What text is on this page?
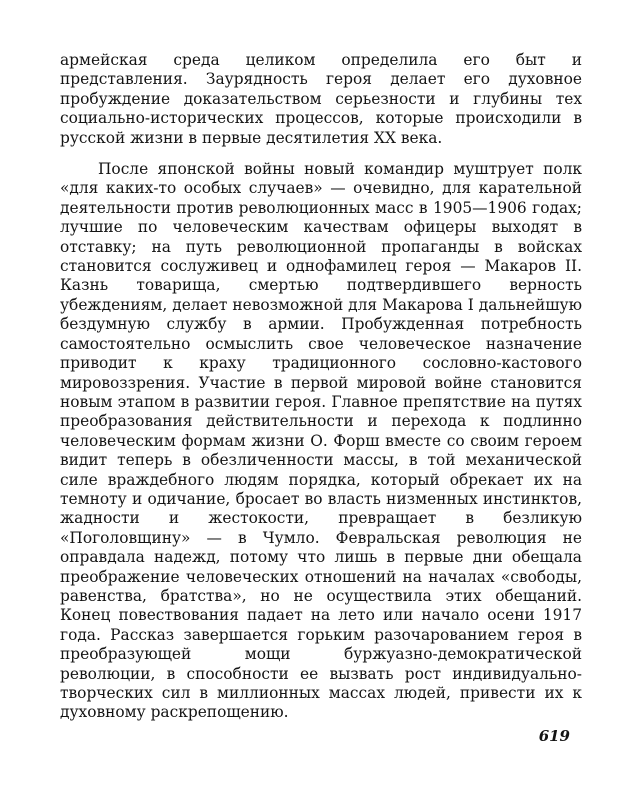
армейская среда целиком определила его быт и представления. Заурядность героя делает его духовное пробуждение доказательством серьезности и глубины тех социально-исторических процессов, которые происходили в русской жизни в первые десятилетия XX века.

После японской войны новый командир муштрует полк «для каких-то особых случаев» — очевидно, для карательной деятельности против революционных масс в 1905—1906 годах; лучшие по человеческим качествам офицеры выходят в отставку; на путь революционной пропаганды в войсках становится сослуживец и однофамилец героя — Макаров II. Казнь товарища, смертью подтвердившего верность убеждениям, делает невозможной для Макарова I дальнейшую бездумную службу в армии. Пробужденная потребность самостоятельно осмыслить свое человеческое назначение приводит к краху традиционного сословно-кастового мировоззрения. Участие в первой мировой войне становится новым этапом в развитии героя. Главное препятствие на путях преобразования действительности и перехода к подлинно человеческим формам жизни О. Форш вместе со своим героем видит теперь в обезличенности массы, в той механической силе враждебного людям порядка, который обрекает их на темноту и одичание, бросает во власть низменных инстинктов, жадности и жестокости, превращает в безликую «Поголовщину» — в Чумло. Февральская революция не оправдала надежд, потому что лишь в первые дни обещала преображение человеческих отношений на началах «свободы, равенства, братства», но не осуществила этих обещаний. Конец повествования падает на лето или начало осени 1917 года. Рассказ завершается горьким разочарованием героя в преобразующей мощи буржуазно-демократической революции, в способности ее вызвать рост индивидуально-творческих сил в миллионных массах людей, привести их к духовному раскрепощению.

619
